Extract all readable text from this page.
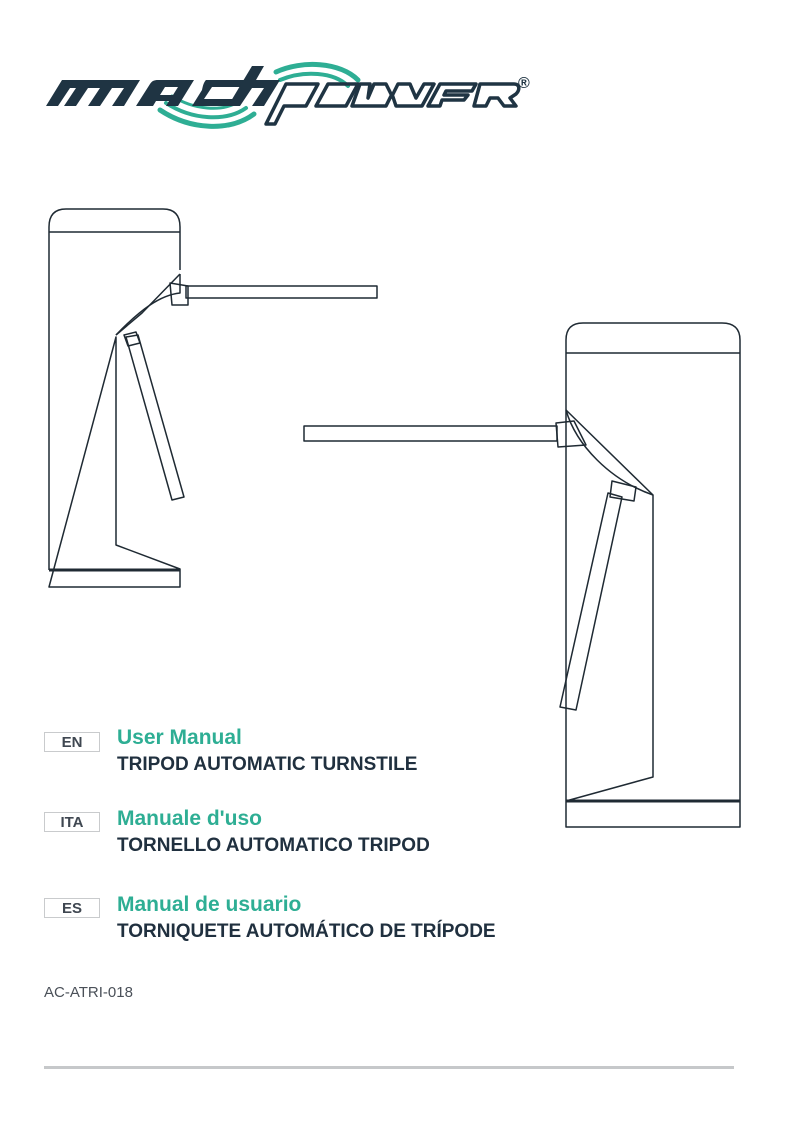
®
EN	User Manual
TRIPOD AUTOMATIC TURNSTILE
ITA	Manuale d'uso
TORNELLO AUTOMATICO TRIPOD
ES	Manual de usuario
TORNIQUETE AUTOMÁTICO DE TRÍPODE
AC-ATRI-018
